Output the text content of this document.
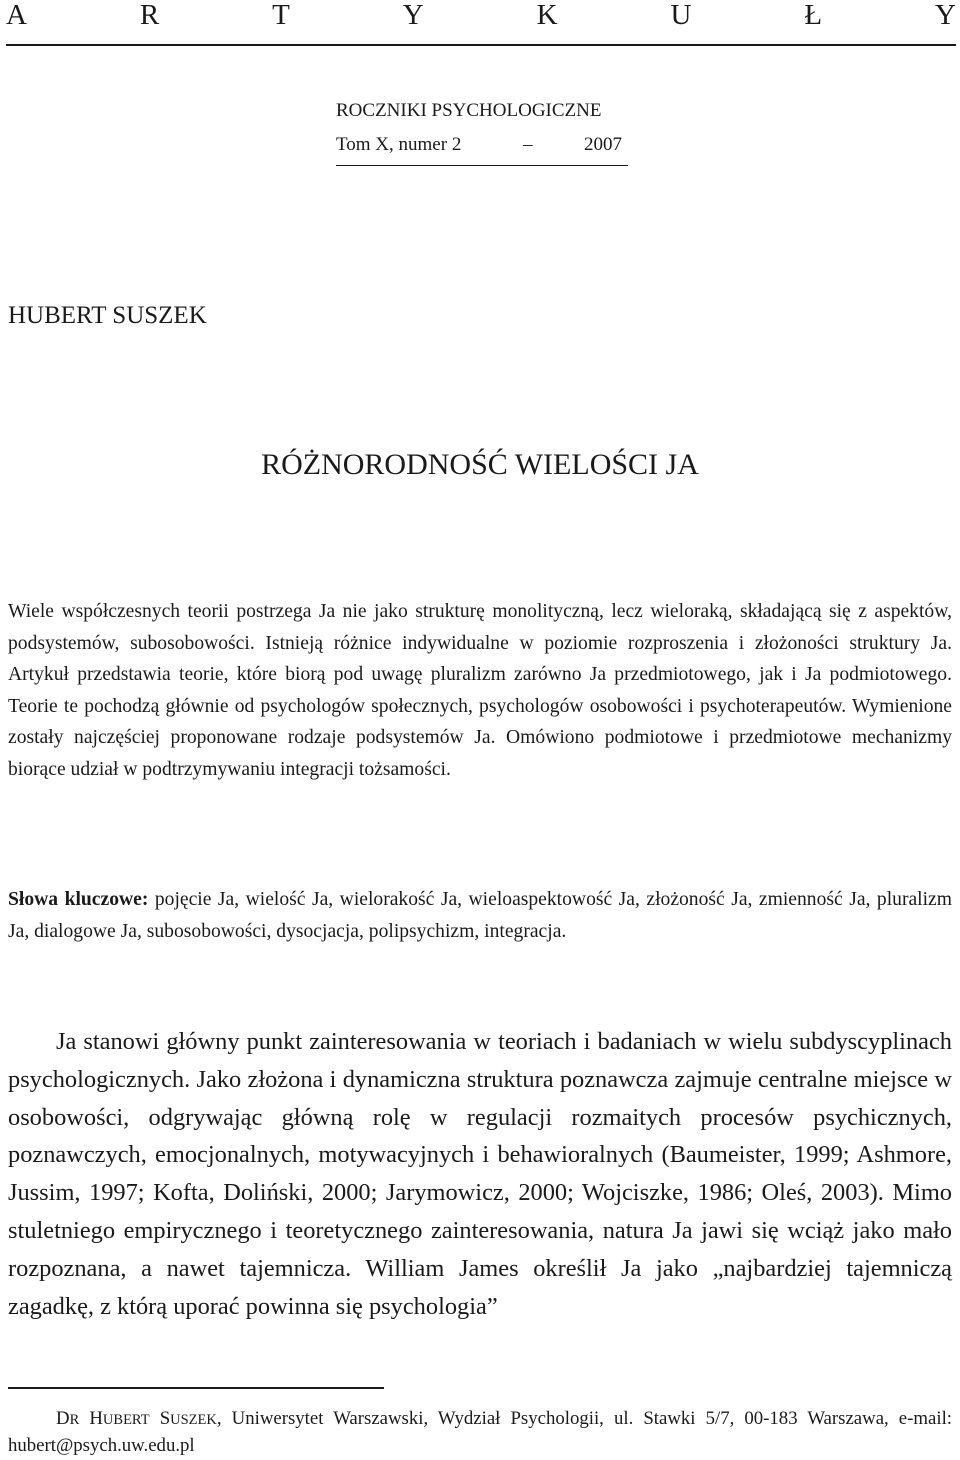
A	R	T	Y	K	U	Ł	Y
ROCZNIKI PSYCHOLOGICZNE
Tom X, numer 2	–	2007
HUBERT SUSZEK
RÓŻNORODNOŚĆ WIELOŚCI JA
Wiele współczesnych teorii postrzega Ja nie jako strukturę monolityczną, lecz wieloraką, składającą się z aspektów, podsystemów, subosobowości. Istnieją różnice indywidualne w poziomie rozproszenia i złożoności struktury Ja. Artykuł przedstawia teorie, które biorą pod uwagę pluralizm zarówno Ja przedmiotowego, jak i Ja podmiotowego. Teorie te pochodzą głównie od psychologów społecznych, psychologów osobowości i psychoterapeutów. Wymienione zostały najczęściej proponowane rodzaje podsystemów Ja. Omówiono podmiotowe i przedmiotowe mechanizmy biorące udział w podtrzymywaniu integracji tożsamości.
Słowa kluczowe: pojęcie Ja, wielość Ja, wielorakość Ja, wieloaspektowość Ja, złożoność Ja, zmienność Ja, pluralizm Ja, dialogowe Ja, subosobowości, dysocjacja, polipsychizm, integracja.
Ja stanowi główny punkt zainteresowania w teoriach i badaniach w wielu subdyscyplinach psychologicznych. Jako złożona i dynamiczna struktura poznawcza zajmuje centralne miejsce w osobowości, odgrywając główną rolę w regulacji rozmaitych procesów psychicznych, poznawczych, emocjonalnych, motywacyjnych i behawioralnych (Baumeister, 1999; Ashmore, Jussim, 1997; Kofta, Doliński, 2000; Jarymowicz, 2000; Wojciszke, 1986; Oleś, 2003). Mimo stuletniego empirycznego i teoretycznego zainteresowania, natura Ja jawi się wciąż jako mało rozpoznana, a nawet tajemnicza. William James określił Ja jako „najbardziej tajemniczą zagadkę, z którą uporać powinna się psychologia”
DR HUBERT SUSZEK, Uniwersytet Warszawski, Wydział Psychologii, ul. Stawki 5/7, 00-183 Warszawa, e-mail: hubert@psych.uw.edu.pl
